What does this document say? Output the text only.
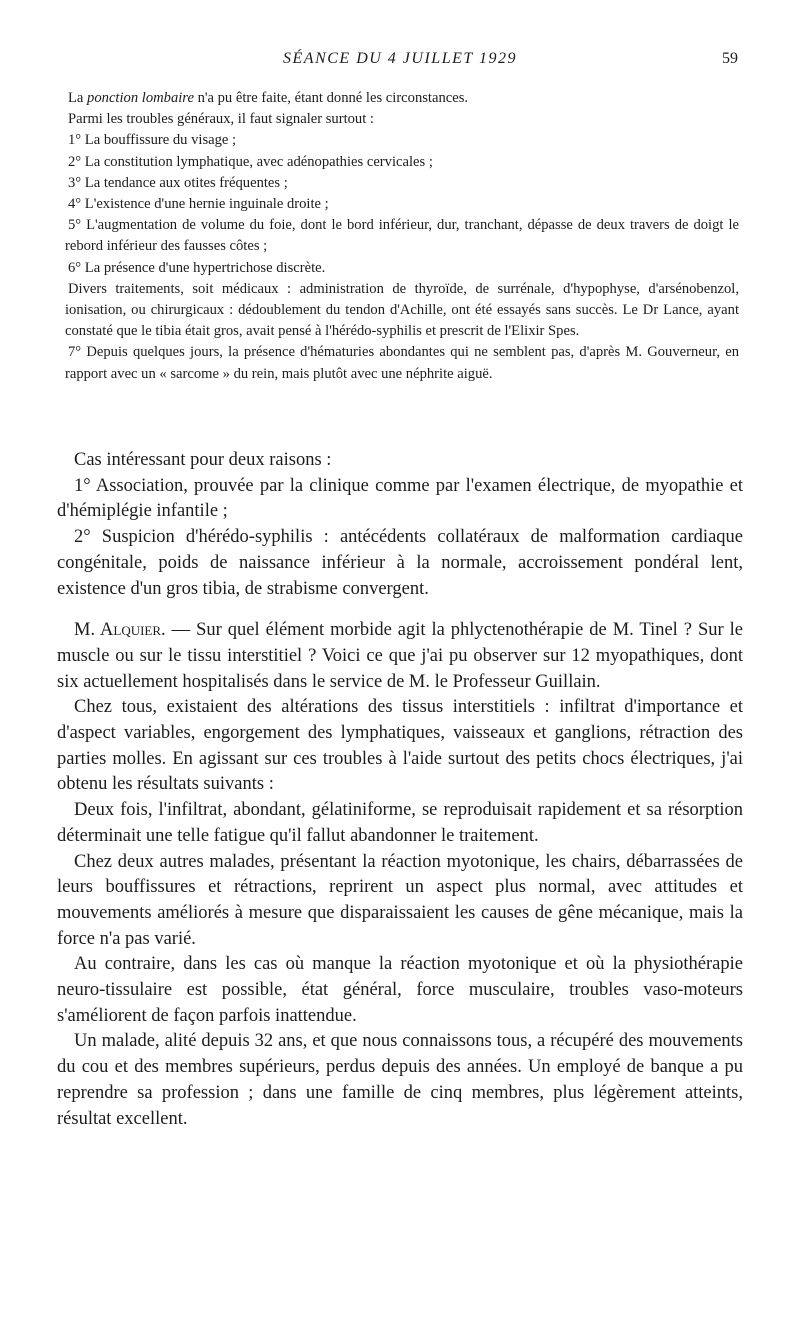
SÉANCE DU 4 JUILLET 1929	59

La ponction lombaire n'a pu être faite, étant donné les circonstances.

Parmi les troubles généraux, il faut signaler surtout :

1° La bouffissure du visage ;

2° La constitution lymphatique, avec adénopathies cervicales ;

3° La tendance aux otites fréquentes ;

4° L'existence d'une hernie inguinale droite ;

5° L'augmentation de volume du foie, dont le bord inférieur, dur, tranchant, dépasse de deux travers de doigt le rebord inférieur des fausses côtes ;

6° La présence d'une hypertrichose discrète.

Divers traitements, soit médicaux : administration de thyroïde, de surrénale, d'hypophyse, d'arsénobenzol, ionisation, ou chirurgicaux : dédoublement du tendon d'Achille, ont été essayés sans succès. Le Dr Lance, ayant constaté que le tibia était gros, avait pensé à l'hérédo-syphilis et prescrit de l'Elixir Spes.

7° Depuis quelques jours, la présence d'hématuries abondantes qui ne semblent pas, d'après M. Gouverneur, en rapport avec un « sarcome » du rein, mais plutôt avec une néphrite aiguë.

Cas intéressant pour deux raisons :

1° Association, prouvée par la clinique comme par l'examen électrique, de myopathie et d'hémiplégie infantile ;

2° Suspicion d'hérédo-syphilis : antécédents collatéraux de malformation cardiaque congénitale, poids de naissance inférieur à la normale, accroissement pondéral lent, existence d'un gros tibia, de strabisme convergent.

M. Alquier. — Sur quel élément morbide agit la phlyctenothérapie de M. Tinel ? Sur le muscle ou sur le tissu interstitiel ? Voici ce que j'ai pu observer sur 12 myopathiques, dont six actuellement hospitalisés dans le service de M. le Professeur Guillain.

Chez tous, existaient des altérations des tissus interstitiels : infiltrat d'importance et d'aspect variables, engorgement des lymphatiques, vaisseaux et ganglions, rétraction des parties molles. En agissant sur ces troubles à l'aide surtout des petits chocs électriques, j'ai obtenu les résultats suivants :

Deux fois, l'infiltrat, abondant, gélatiniforme, se reproduisait rapidement et sa résorption déterminait une telle fatigue qu'il fallut abandonner le traitement.

Chez deux autres malades, présentant la réaction myotonique, les chairs, débarrassées de leurs bouffissures et rétractions, reprirent un aspect plus normal, avec attitudes et mouvements améliorés à mesure que disparaissaient les causes de gêne mécanique, mais la force n'a pas varié.

Au contraire, dans les cas où manque la réaction myotonique et où la physiothérapie neuro-tissulaire est possible, état général, force musculaire, troubles vaso-moteurs s'améliorent de façon parfois inattendue.

Un malade, alité depuis 32 ans, et que nous connaissons tous, a récupéré des mouvements du cou et des membres supérieurs, perdus depuis des années. Un employé de banque a pu reprendre sa profession ; dans une famille de cinq membres, plus légèrement atteints, résultat excellent.
